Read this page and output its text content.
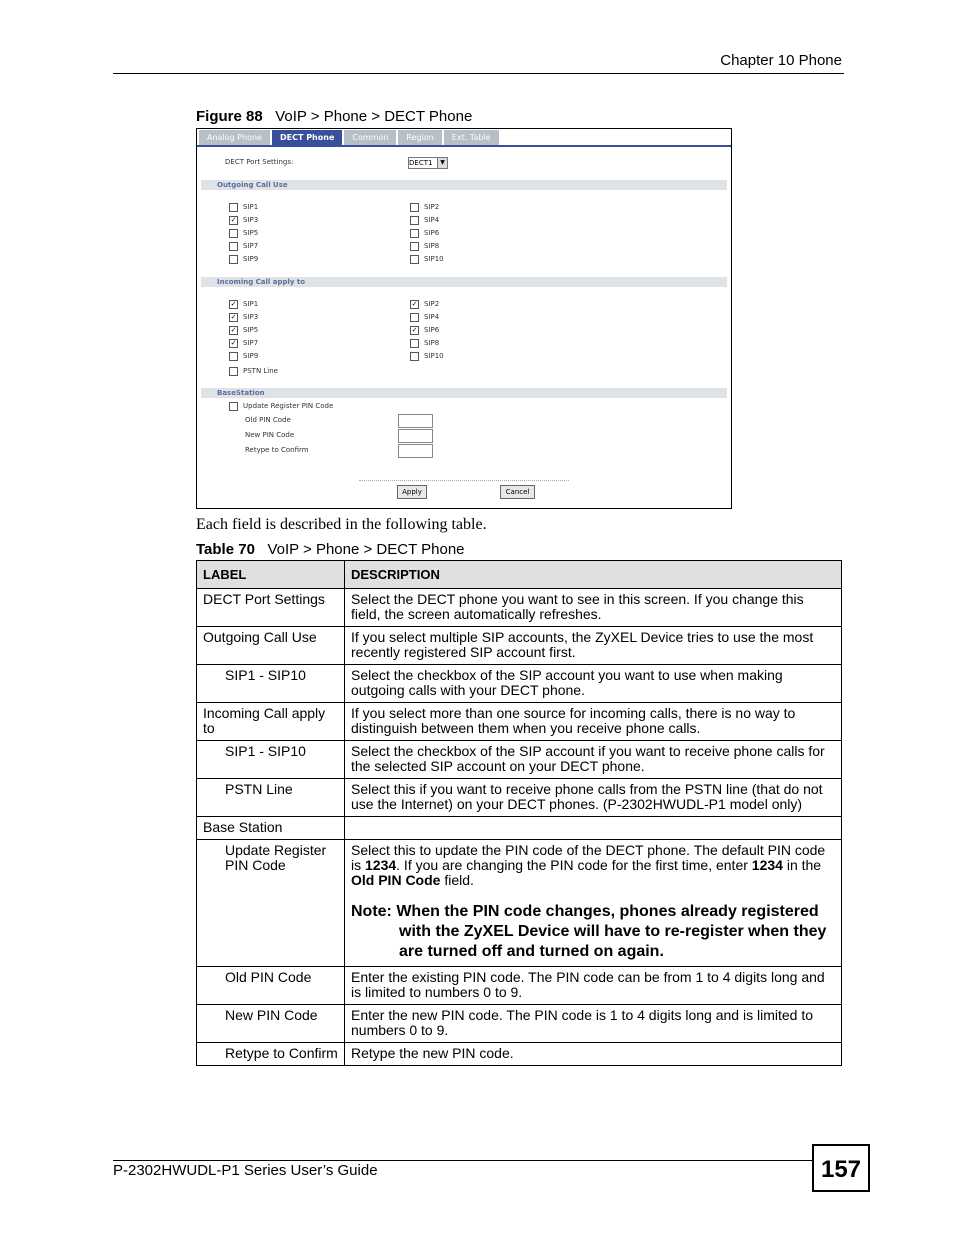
Chapter 10 Phone
Figure 88 VoIP > Phone > DECT Phone
Analog Phone	DECT Phone	Common	Region	Ext. Table
DECT Port Settings:	DECT1	▼
Outgoing Call Use
SIP1	SIP2
✓ SIP3	SIP4
SIP5	SIP6
SIP7	SIP8
SIP9	SIP10
Incoming Call apply to
✓ SIP1	✓ SIP2
✓ SIP3	SIP4
✓ SIP5	✓ SIP6
✓ SIP7	SIP8
SIP9	SIP10
PSTN Line
BaseStation
Update Register PIN Code
Old PIN Code
New PIN Code
Retype to Confirm
Apply	Cancel
Each field is described in the following table.
Table 70 VoIP > Phone > DECT Phone
LABEL	DESCRIPTION
DECT Port Settings	Select the DECT phone you want to see in this screen. If you change this field, the screen automatically refreshes.
Outgoing Call Use	If you select multiple SIP accounts, the ZyXEL Device tries to use the most recently registered SIP account first.
SIP1 - SIP10	Select the checkbox of the SIP account you want to use when making outgoing calls with your DECT phone.
Incoming Call apply to	If you select more than one source for incoming calls, there is no way to distinguish between them when you receive phone calls.
SIP1 - SIP10	Select the checkbox of the SIP account if you want to receive phone calls for the selected SIP account on your DECT phone.
PSTN Line	Select this if you want to receive phone calls from the PSTN line (that do not use the Internet) on your DECT phones. (P-2302HWUDL-P1 model only)
Base Station	
Update Register PIN Code	Select this to update the PIN code of the DECT phone. The default PIN code is 1234. If you are changing the PIN code for the first time, enter 1234 in the Old PIN Code field.
Note: When the PIN code changes, phones already registered with the ZyXEL Device will have to re-register when they are turned off and turned on again.

Old PIN Code	Enter the existing PIN code. The PIN code can be from 1 to 4 digits long and is limited to numbers 0 to 9.
New PIN Code	Enter the new PIN code. The PIN code is 1 to 4 digits long and is limited to numbers 0 to 9.
Retype to Confirm	Retype the new PIN code.
P-2302HWUDL-P1 Series User’s Guide	157
